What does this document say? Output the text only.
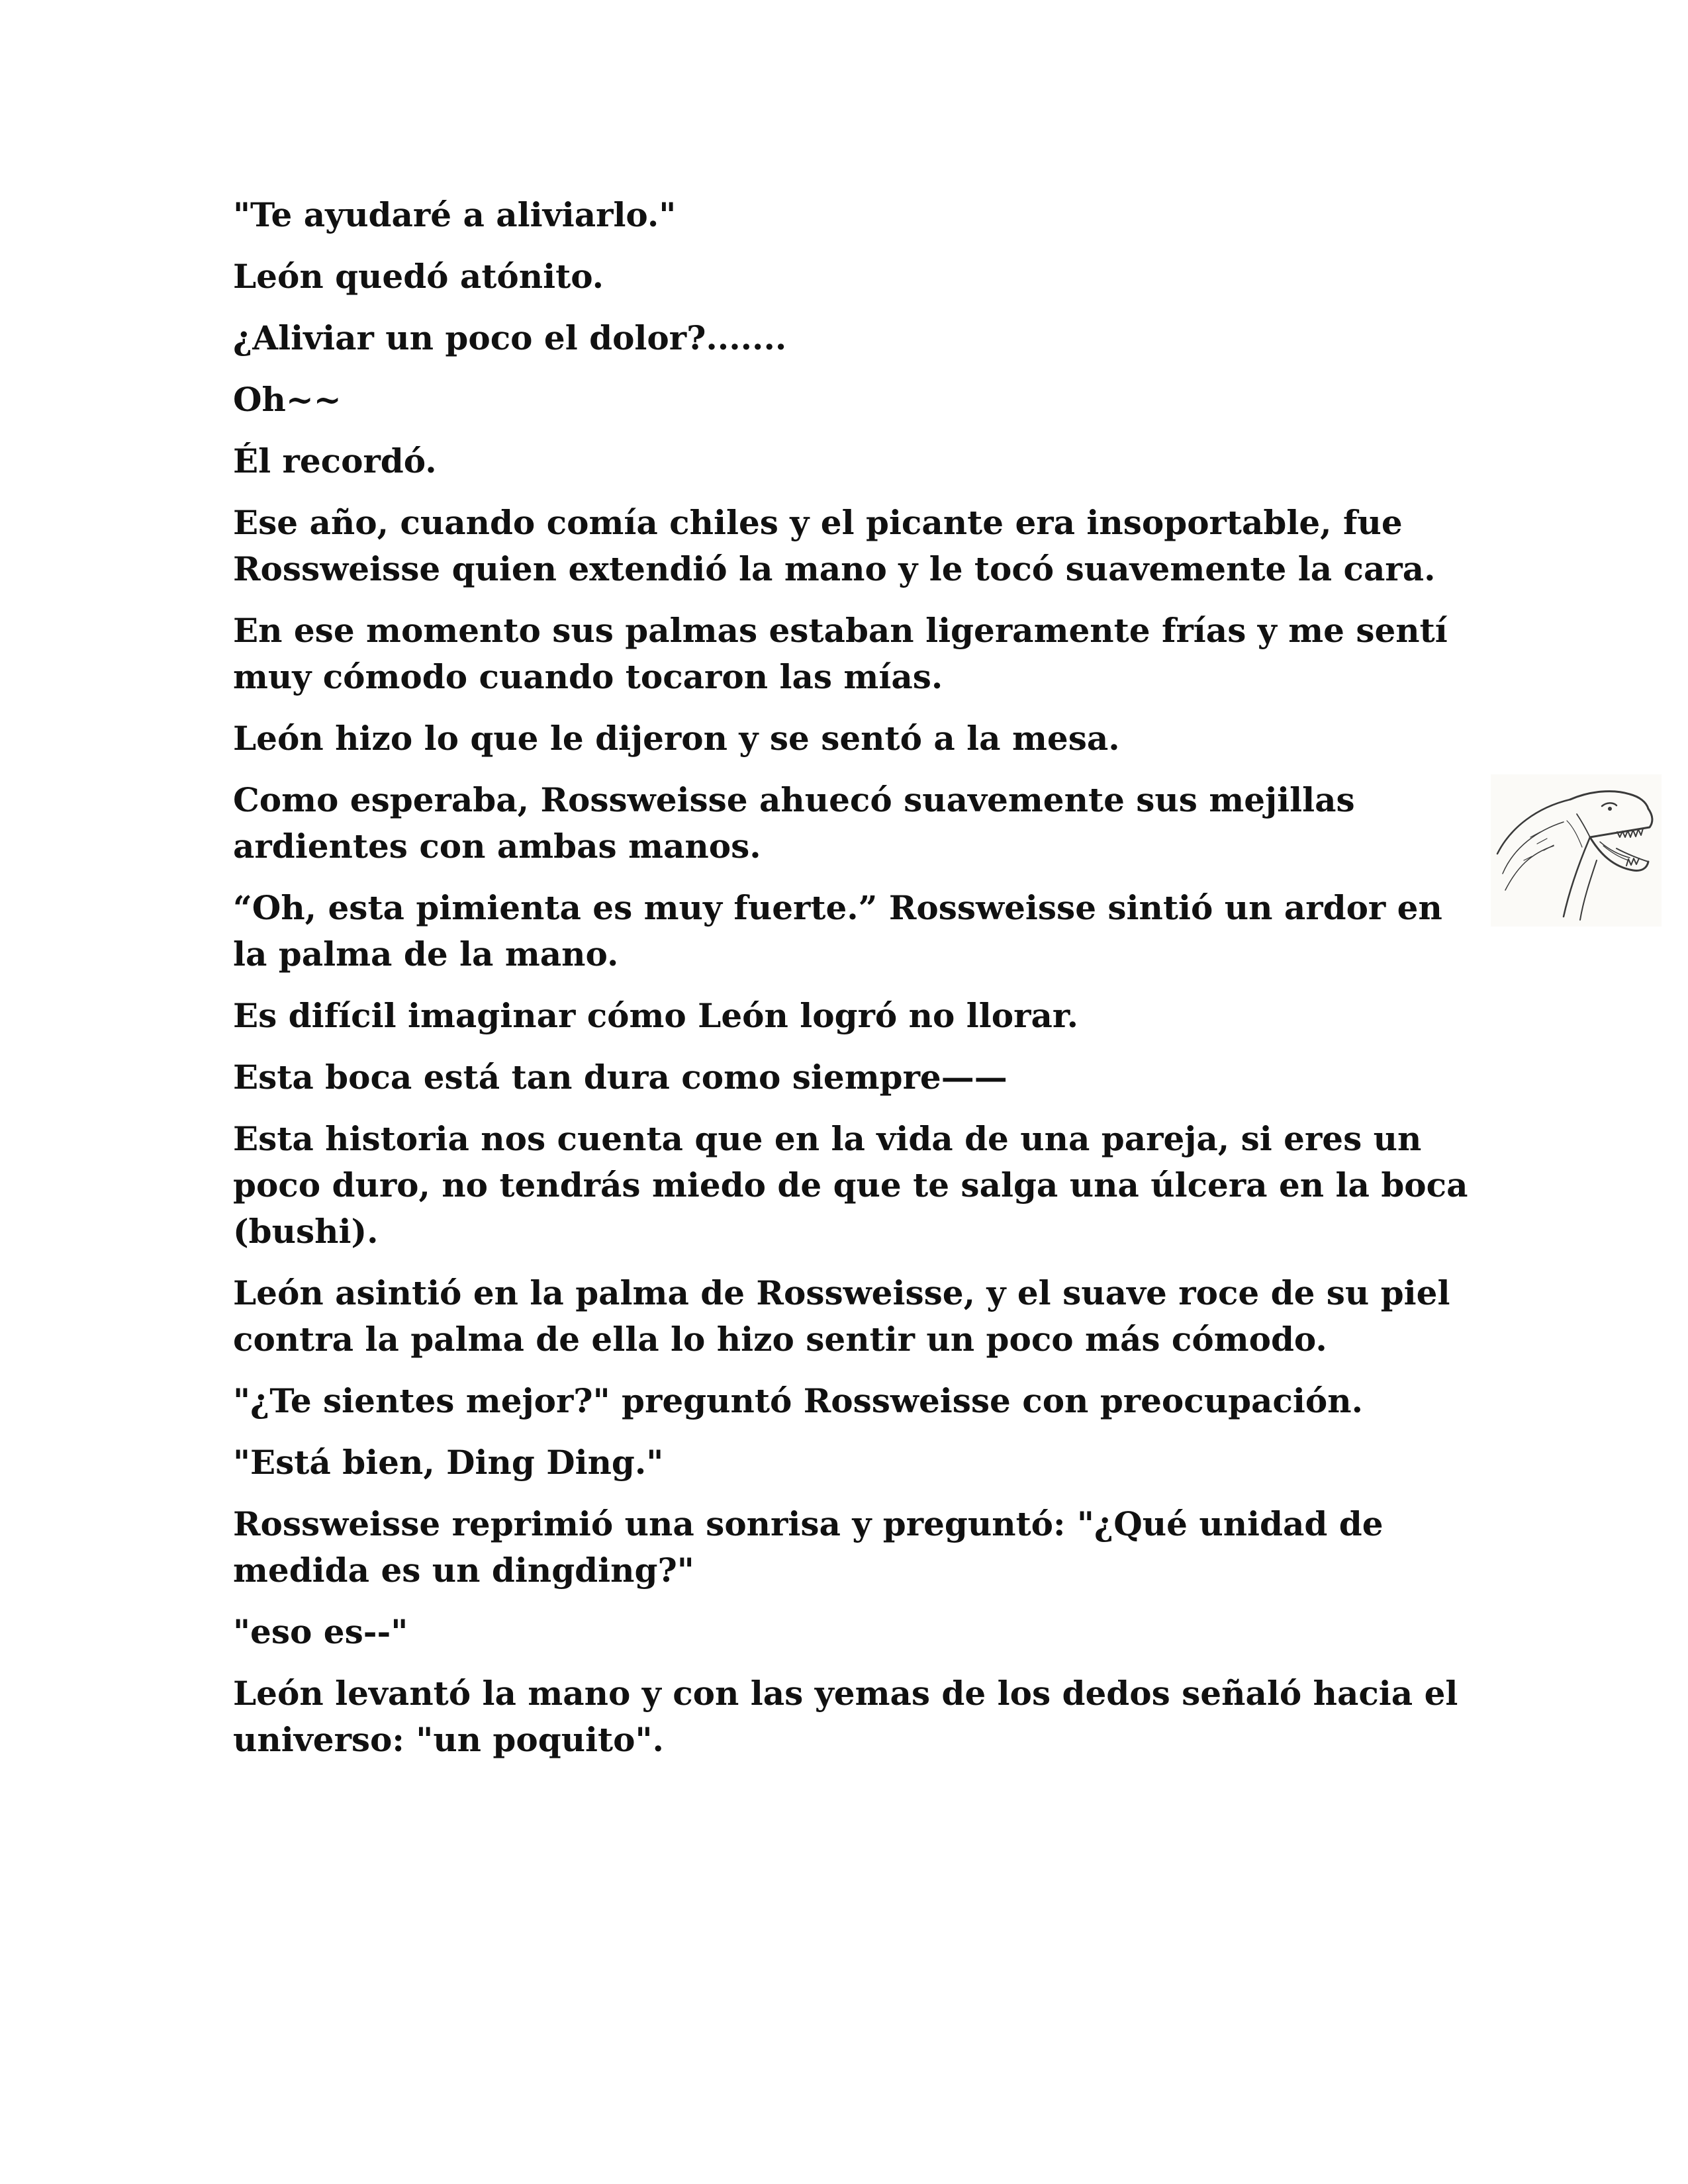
"Te ayudaré a aliviarlo."

León quedó atónito.

¿Aliviar un poco el dolor?.......

Oh~~

Él recordó.

Ese año, cuando comía chiles y el picante era insoportable, fue Rossweisse quien extendió la mano y le tocó suavemente la cara.

En ese momento sus palmas estaban ligeramente frías y me sentí muy cómodo cuando tocaron las mías.

León hizo lo que le dijeron y se sentó a la mesa.

Como esperaba, Rossweisse ahuecó suavemente sus mejillas ardientes con ambas manos.

“Oh, esta pimienta es muy fuerte.” Rossweisse sintió un ardor en la palma de la mano.

Es difícil imaginar cómo León logró no llorar.

Esta boca está tan dura como siempre——

Esta historia nos cuenta que en la vida de una pareja, si eres un poco duro, no tendrás miedo de que te salga una úlcera en la boca (bushi).

León asintió en la palma de Rossweisse, y el suave roce de su piel contra la palma de ella lo hizo sentir un poco más cómodo.

"¿Te sientes mejor?" preguntó Rossweisse con preocupación.

"Está bien, Ding Ding."

Rossweisse reprimió una sonrisa y preguntó: "¿Qué unidad de medida es un dingding?"

"eso es--"

León levantó la mano y con las yemas de los dedos señaló hacia el universo: "un poquito".
